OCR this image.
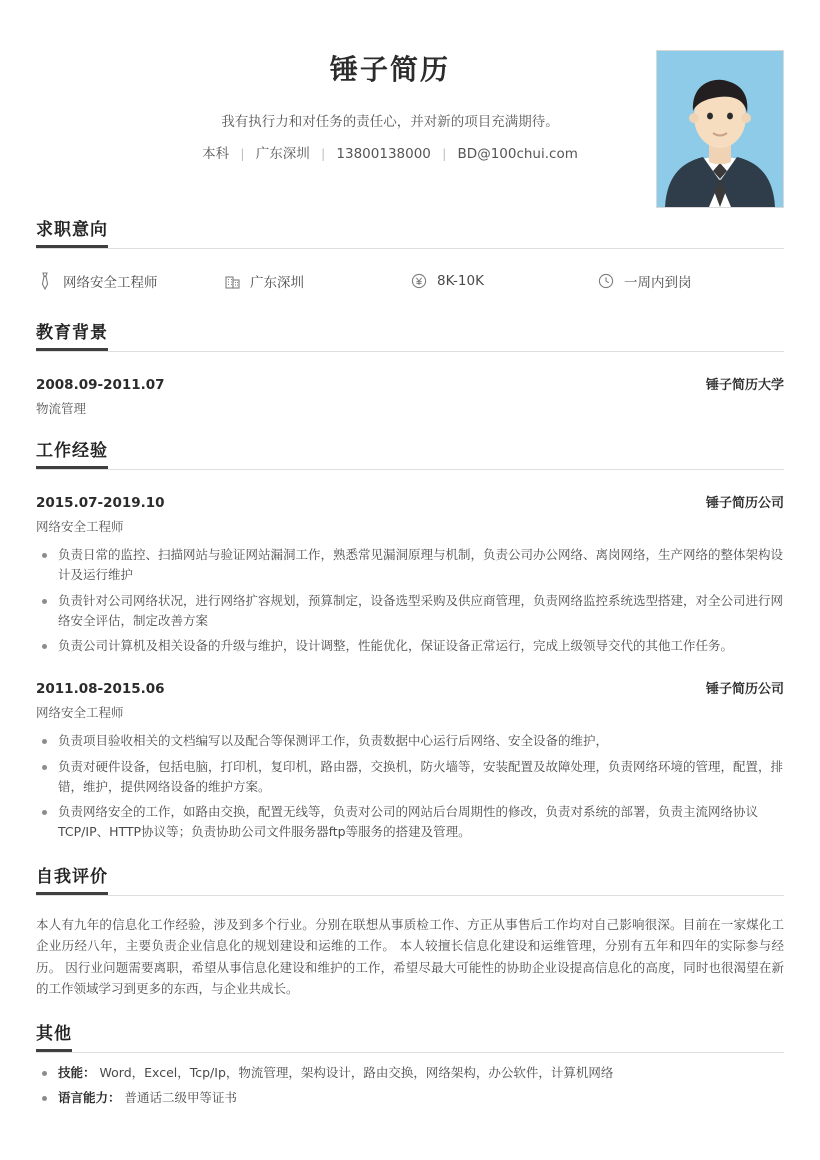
锤子简历
我有执行力和对任务的责任心，并对新的项目充满期待。
本科 | 广东深圳 | 13800138000 | BD@100chui.com
求职意向
网络安全工程师	广东深圳	8K-10K	一周内到岗
教育背景
2008.09-2011.07	锤子简历大学
物流管理
工作经验
2015.07-2019.10	锤子简历公司
网络安全工程师
负责日常的监控、扫描网站与验证网站漏洞工作，熟悉常见漏洞原理与机制，负责公司办公网络、离岗网络，生产网络的整体架构设计及运行维护
负责针对公司网络状况，进行网络扩容规划，预算制定，设备选型采购及供应商管理，负责网络监控系统选型搭建，对全公司进行网络安全评估，制定改善方案
负责公司计算机及相关设备的升级与维护，设计调整，性能优化，保证设备正常运行，完成上级领导交代的其他工作任务。
2011.08-2015.06	锤子简历公司
网络安全工程师
负责项目验收相关的文档编写以及配合等保测评工作，负责数据中心运行后网络、安全设备的维护，
负责对硬件设备，包括电脑，打印机，复印机，路由器，交换机，防火墙等，安装配置及故障处理，负责网络环境的管理，配置，排错，维护，提供网络设备的维护方案。
负责网络安全的工作，如路由交换，配置无线等，负责对公司的网站后台周期性的修改，负责对系统的部署，负责主流网络协议TCP/IP、HTTP协议等；负责协助公司文件服务器ftp等服务的搭建及管理。
自我评价
本人有九年的信息化工作经验，涉及到多个行业。分别在联想从事质检工作、方正从事售后工作均对自己影响很深。目前在一家煤化工企业历经八年，主要负责企业信息化的规划建设和运维的工作。 本人较擅长信息化建设和运维管理，分别有五年和四年的实际参与经历。 因行业问题需要离职，希望从事信息化建设和维护的工作，希望尽最大可能性的协助企业设提高信息化的高度，同时也很渴望在新的工作领域学习到更多的东西，与企业共成长。
其他
技能： Word，Excel，Tcp/Ip，物流管理，架构设计，路由交换，网络架构，办公软件，计算机网络
语言能力： 普通话二级甲等证书
